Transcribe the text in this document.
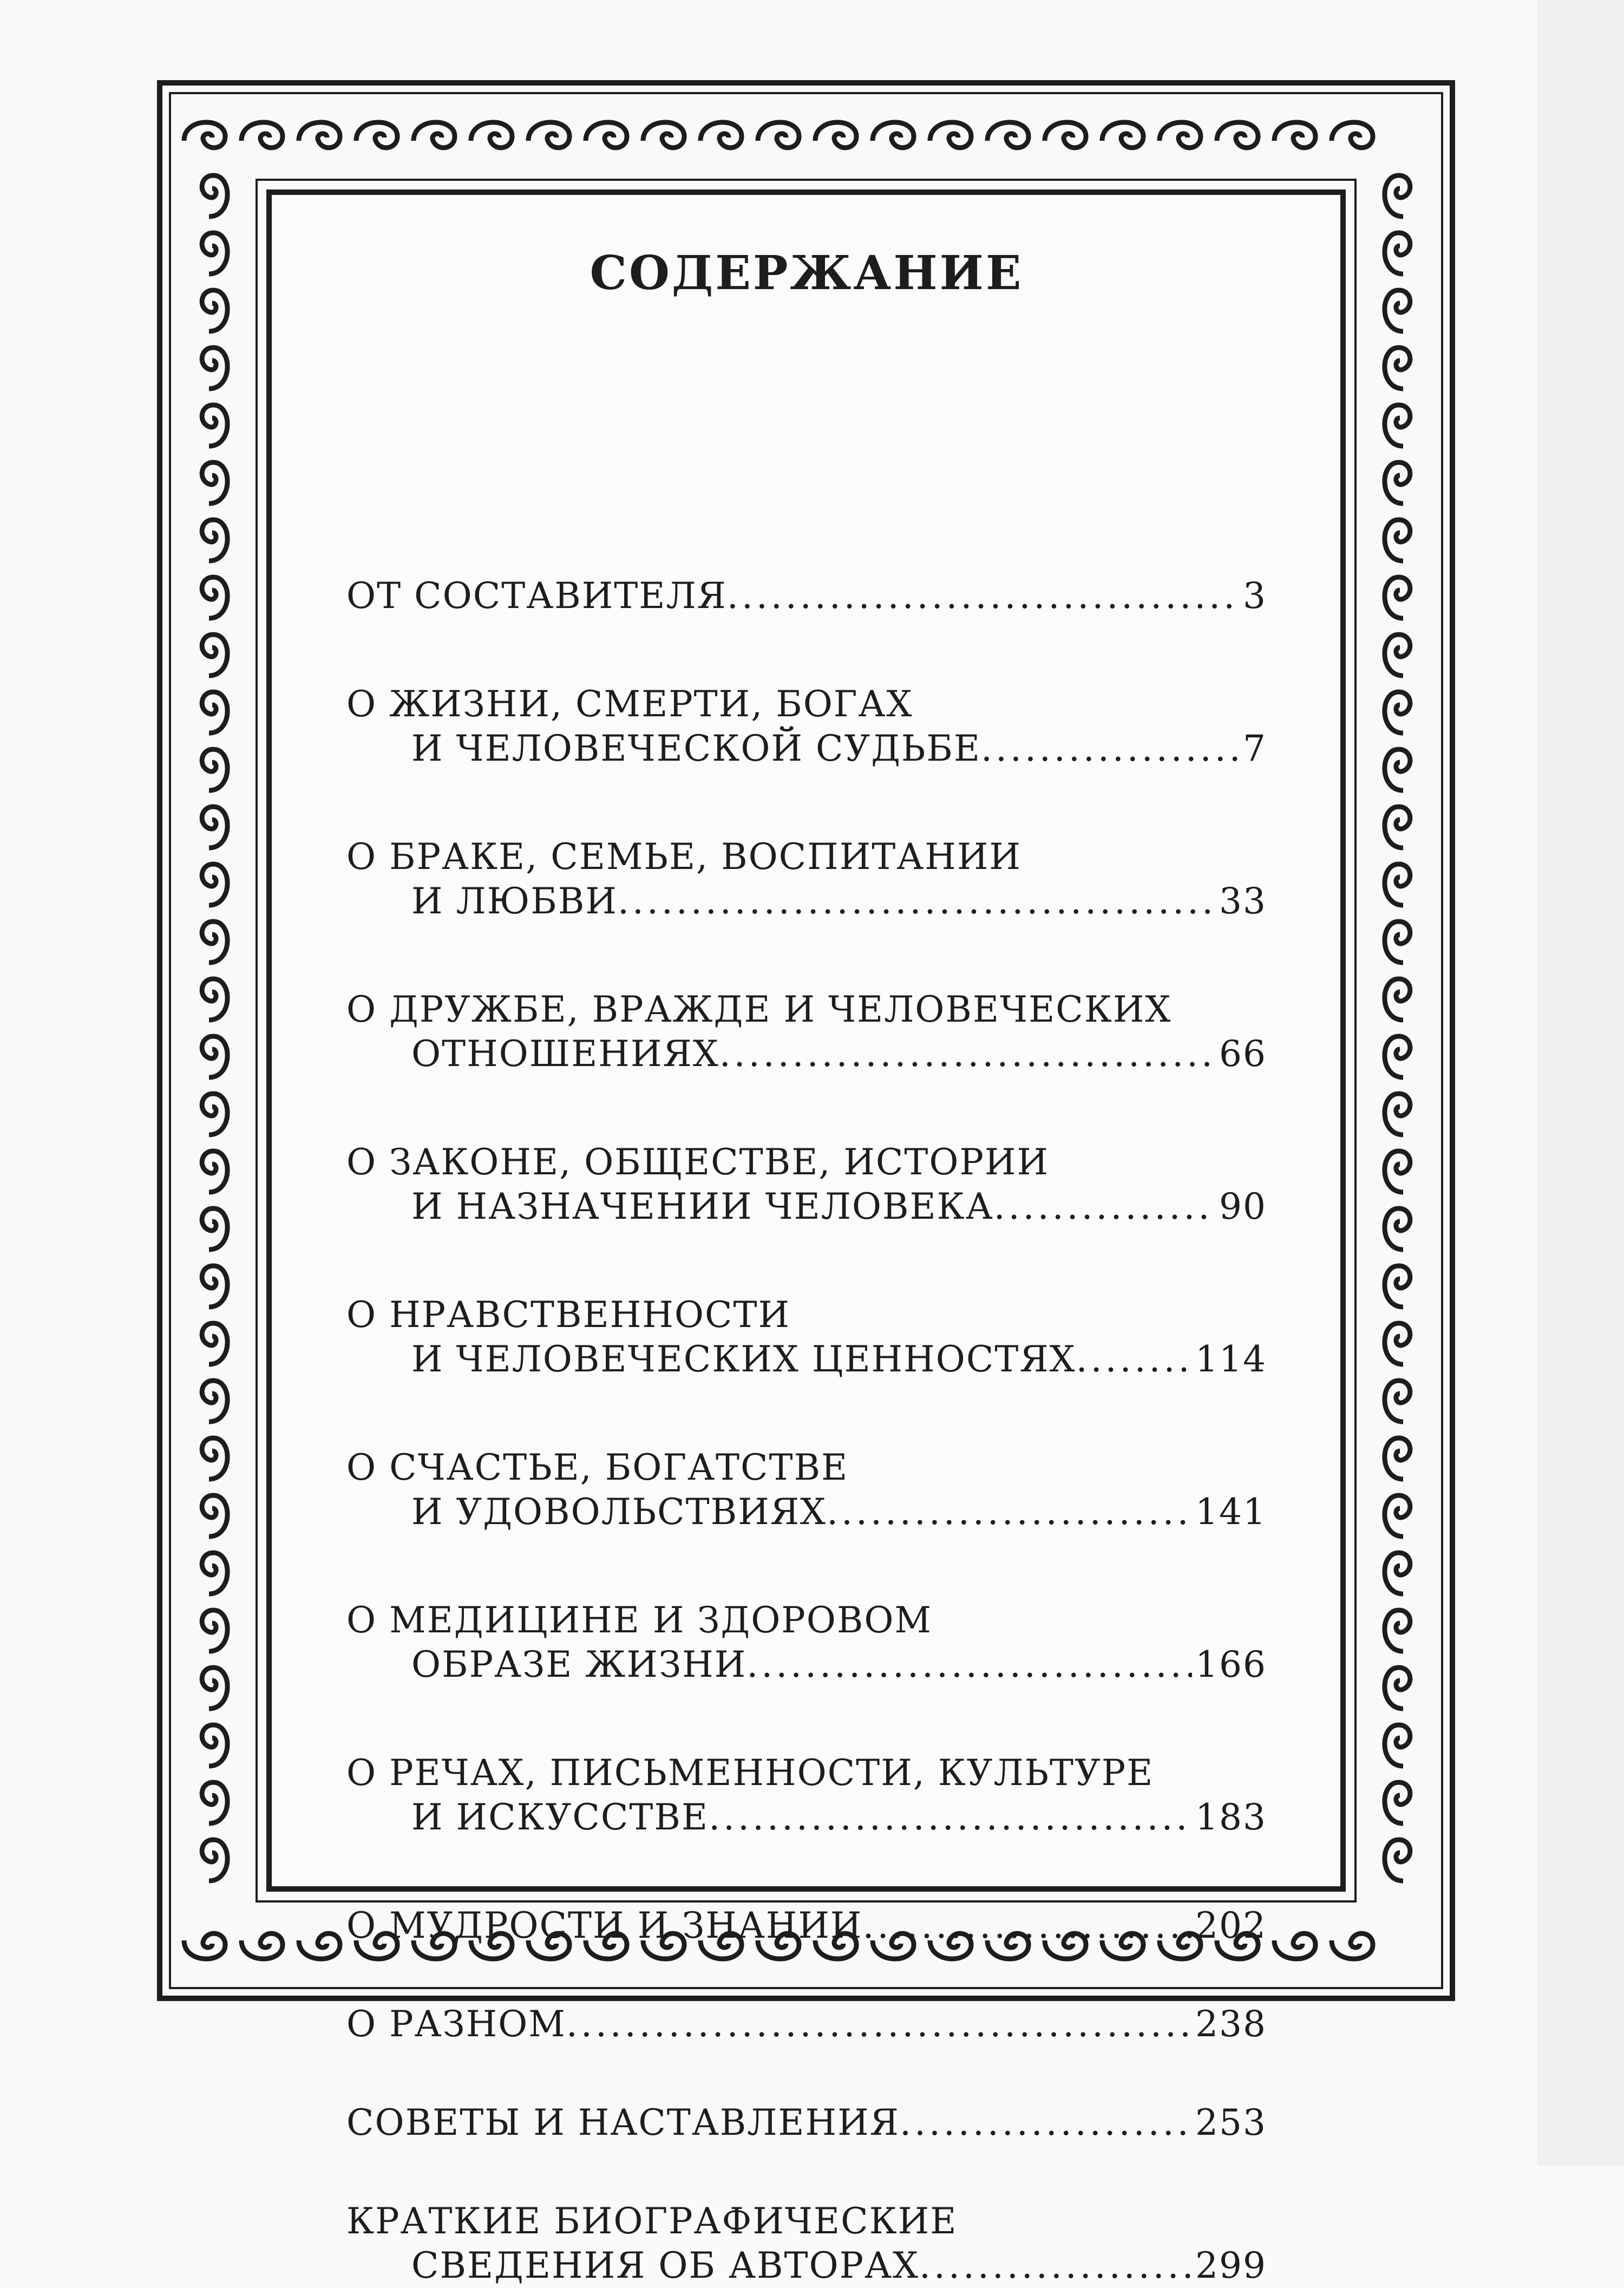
СОДЕРЖАНИЕ
ОТ СОСТАВИТЕЛЯ .....	3
О ЖИЗНИ, СМЕРТИ, БОГАХ
И ЧЕЛОВЕЧЕСКОЙ СУДЬБЕ .....	7
О БРАКЕ, СЕМЬЕ, ВОСПИТАНИИ
И ЛЮБВИ .....	33
О ДРУЖБЕ, ВРАЖДЕ И ЧЕЛОВЕЧЕСКИХ
ОТНОШЕНИЯХ .....	66
О ЗАКОНЕ, ОБЩЕСТВЕ, ИСТОРИИ
И НАЗНАЧЕНИИ ЧЕЛОВЕКА .....	90
О НРАВСТВЕННОСТИ
И ЧЕЛОВЕЧЕСКИХ ЦЕННОСТЯХ .....	114
О СЧАСТЬЕ, БОГАТСТВЕ
И УДОВОЛЬСТВИЯХ .....	141
О МЕДИЦИНЕ И ЗДОРОВОМ
ОБРАЗЕ ЖИЗНИ .....	166
О РЕЧАХ, ПИСЬМЕННОСТИ, КУЛЬТУРЕ
И ИСКУССТВЕ .....	183
О МУДРОСТИ И ЗНАНИИ .....	202
О РАЗНОМ .....	238
СОВЕТЫ И НАСТАВЛЕНИЯ .....	253
КРАТКИЕ БИОГРАФИЧЕСКИЕ
СВЕДЕНИЯ ОБ АВТОРАХ .....	299
